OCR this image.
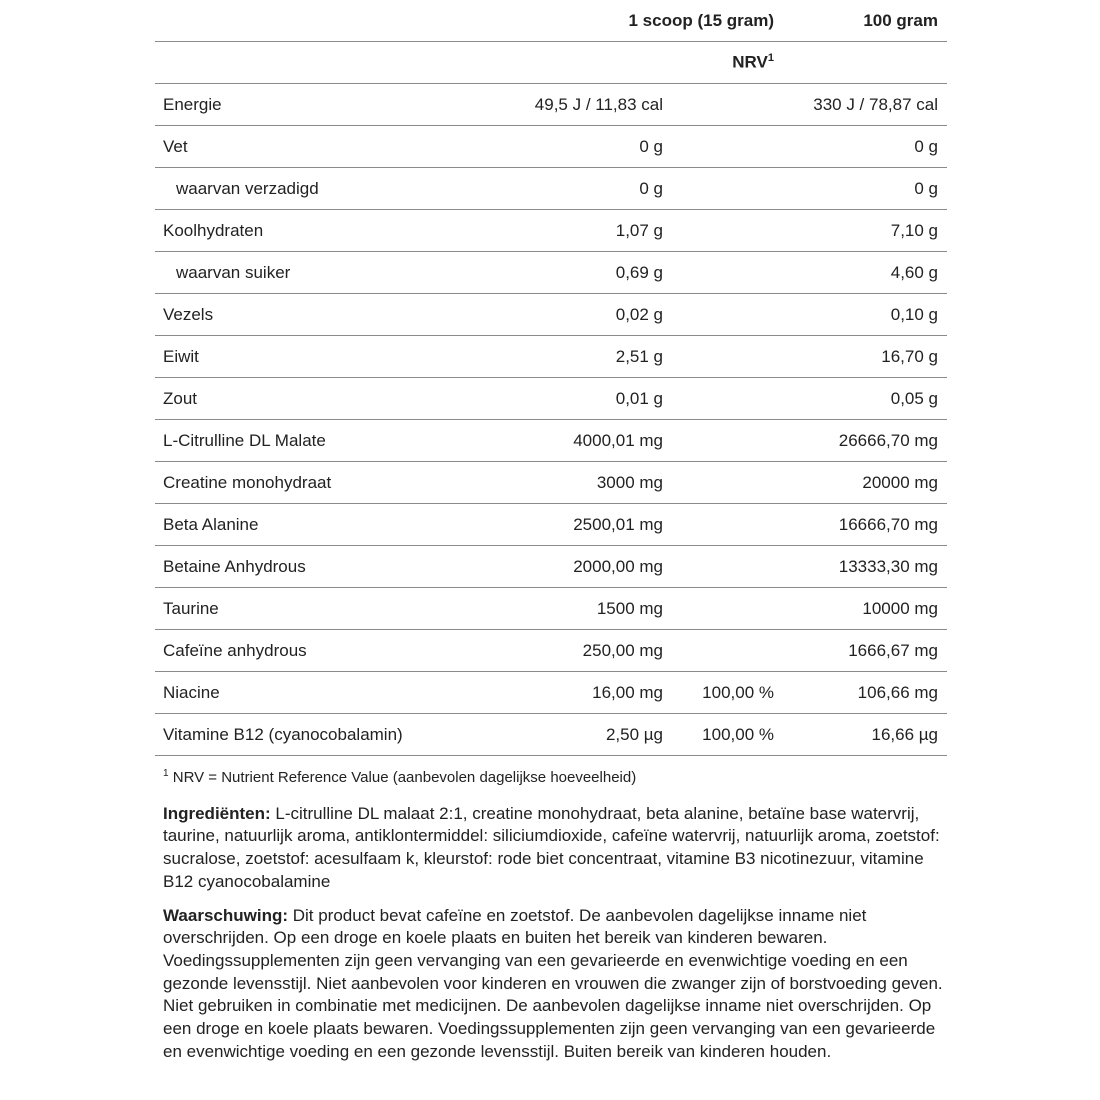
	1 scoop (15 gram)		100 gram
		NRV$^1$	
Energie	49,5 J / 11,83 cal		330 J / 78,87 cal
Vet	0 g		0 g
waarvan verzadigd	0 g		0 g
Koolhydraten	1,07 g		7,10 g
waarvan suiker	0,69 g		4,60 g
Vezels	0,02 g		0,10 g
Eiwit	2,51 g		16,70 g
Zout	0,01 g		0,05 g
L-Citrulline DL Malate	4000,01 mg		26666,70 mg
Creatine monohydraat	3000 mg		20000 mg
Beta Alanine	2500,01 mg		16666,70 mg
Betaine Anhydrous	2000,00 mg		13333,30 mg
Taurine	1500 mg		10000 mg
Cafeïne anhydrous	250,00 mg		1666,67 mg
Niacine	16,00 mg	100,00 %	106,66 mg
Vitamine B12 (cyanocobalamin)	2,50 µg	100,00 %	16,66 µg
$^1$ NRV = Nutrient Reference Value (aanbevolen dagelijkse hoeveelheid)

Ingrediënten: L-citrulline DL malaat 2:1, creatine monohydraat, beta alanine, betaïne base watervrij, taurine, natuurlijk aroma, antiklontermiddel: siliciumdioxide, cafeïne watervrij, natuurlijk aroma, zoetstof: sucralose, zoetstof: acesulfaam k, kleurstof: rode biet concentraat, vitamine B3 nicotinezuur, vitamine B12 cyanocobalamine

Waarschuwing: Dit product bevat cafeïne en zoetstof. De aanbevolen dagelijkse inname niet overschrijden. Op een droge en koele plaats en buiten het bereik van kinderen bewaren. Voedingssupplementen zijn geen vervanging van een gevarieerde en evenwichtige voeding en een gezonde levensstijl. Niet aanbevolen voor kinderen en vrouwen die zwanger zijn of borstvoeding geven. Niet gebruiken in combinatie met medicijnen. De aanbevolen dagelijkse inname niet overschrijden. Op een droge en koele plaats bewaren. Voedingssupplementen zijn geen vervanging van een gevarieerde en evenwichtige voeding en een gezonde levensstijl. Buiten bereik van kinderen houden.
